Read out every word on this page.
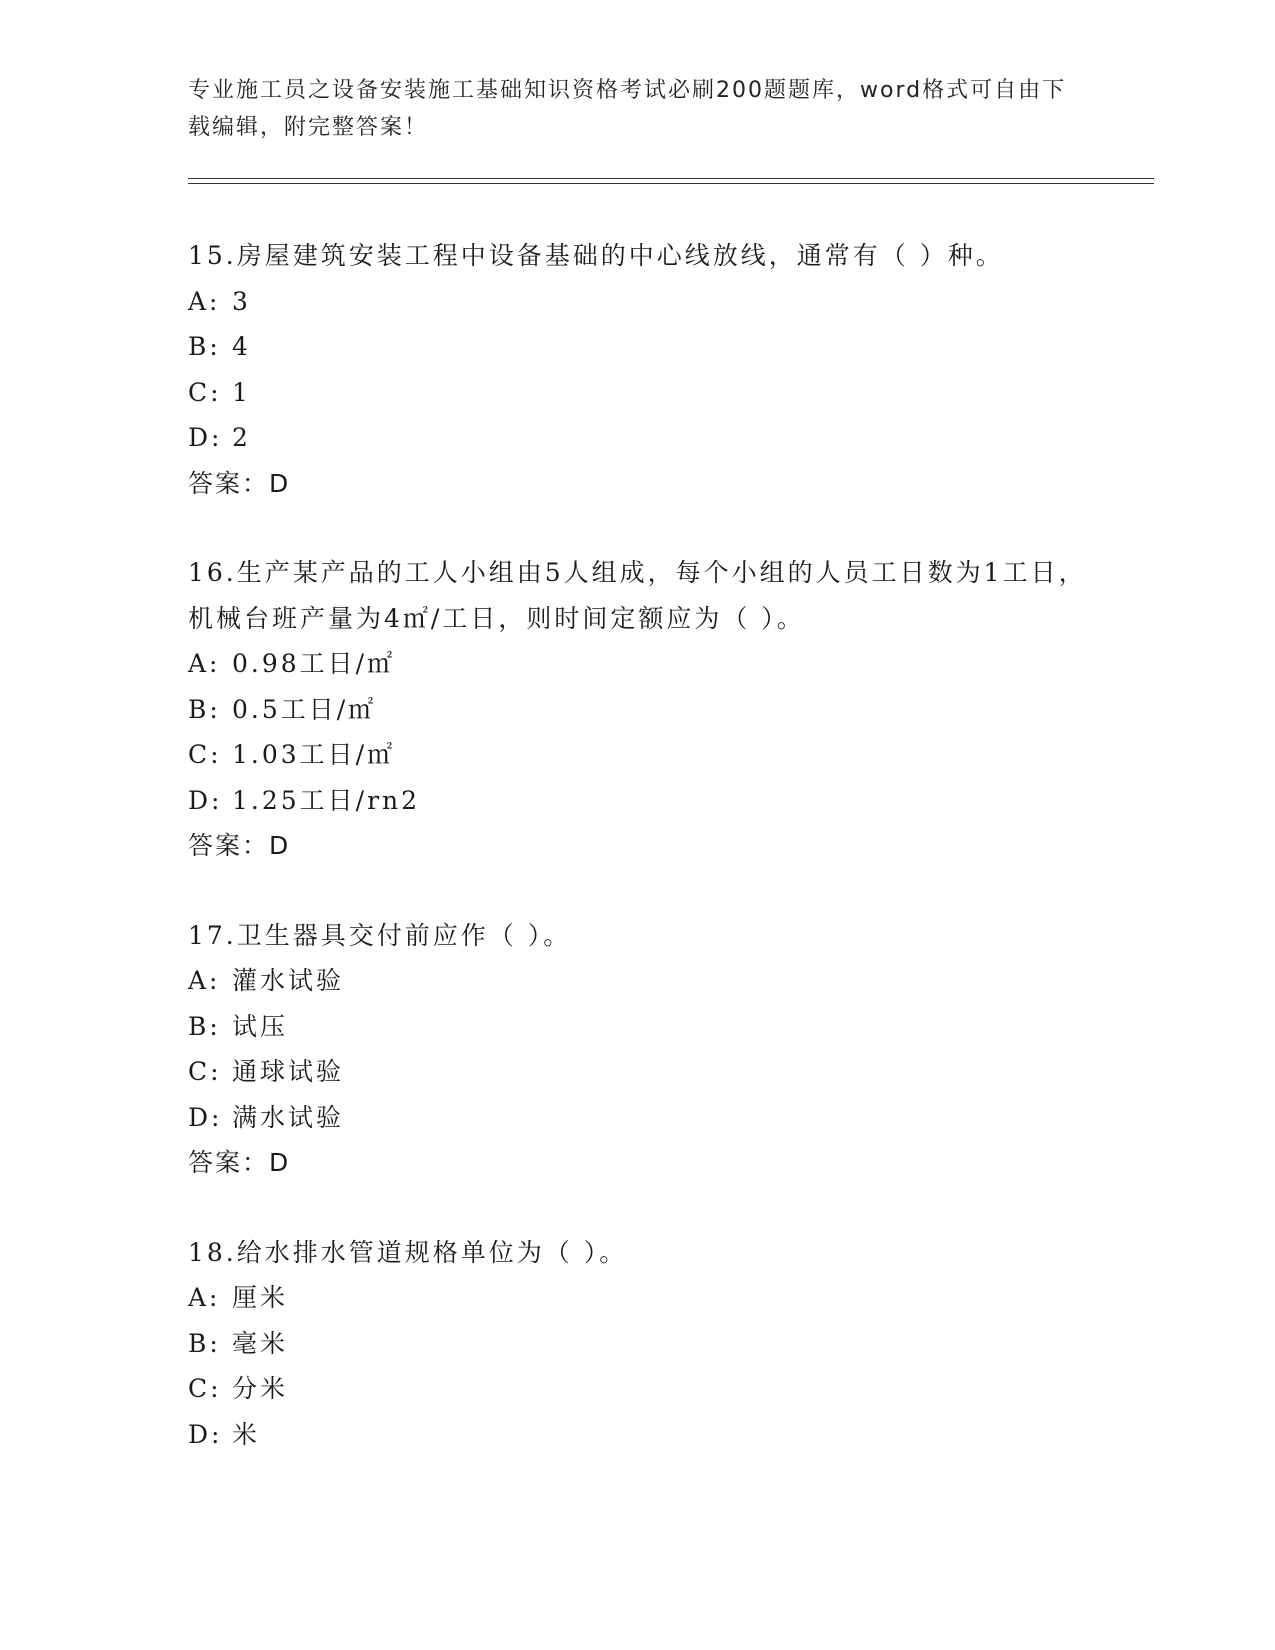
专业施工员之设备安装施工基础知识资格考试必刷200题题库，word格式可自由下载编辑，附完整答案！

15.房屋建筑安装工程中设备基础的中心线放线，通常有（ ）种。

A: 3
B: 4
C: 1
D: 2
答案：D

16.生产某产品的工人小组由5人组成，每个小组的人员工日数为1工日，机械台班产量为4㎡/工日，则时间定额应为（ ）。

A: 0.98工日/㎡
B: 0.5工日/㎡
C: 1.03工日/㎡
D: 1.25工日/rn2
答案：D

17.卫生器具交付前应作（ ）。

A: 灌水试验
B: 试压
C: 通球试验
D: 满水试验
答案：D

18.给水排水管道规格单位为（ ）。

A: 厘米
B: 毫米
C: 分米
D: 米
